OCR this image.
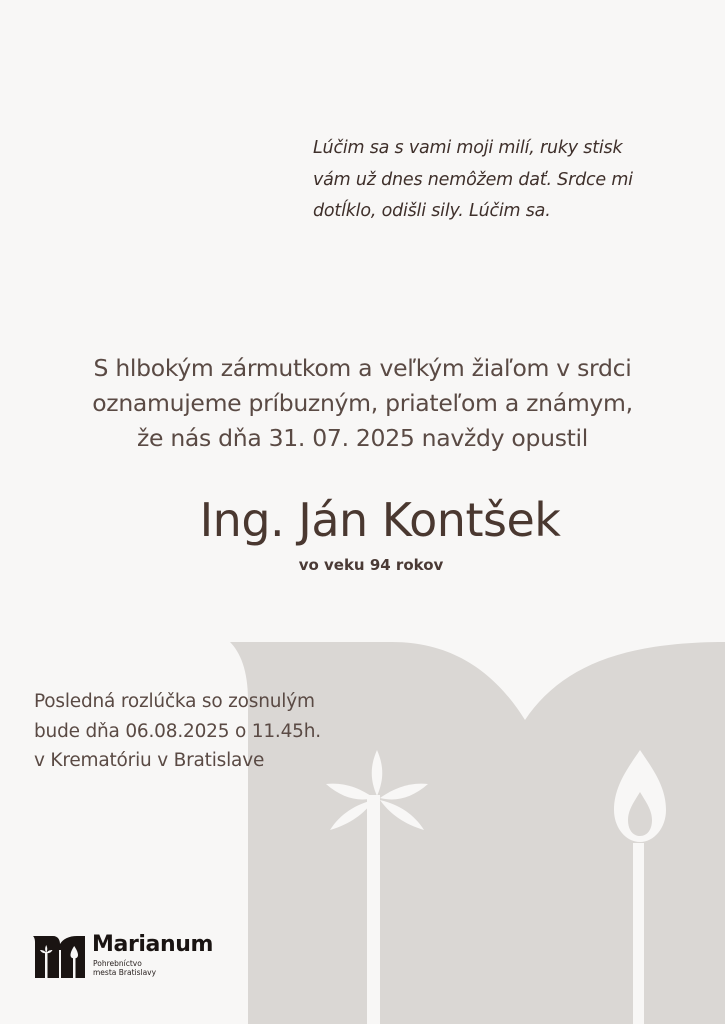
Lúčim sa s vami moji milí, ruky stisk
vám už dnes nemôžem dať. Srdce mi
dotĺklo, odišli sily. Lúčim sa.
S hlbokým zármutkom a veľkým žiaľom v srdci
oznamujeme príbuzným, priateľom a známym,
že nás dňa 31. 07. 2025 navždy opustil
Ing. Ján Kontšek
vo veku 94 rokov
Posledná rozlúčka so zosnulým
bude dňa 06.08.2025 o 11.45h.
v Krematóriu v Bratislave
Marianum
Pohrebníctvo
mesta Bratislavy
